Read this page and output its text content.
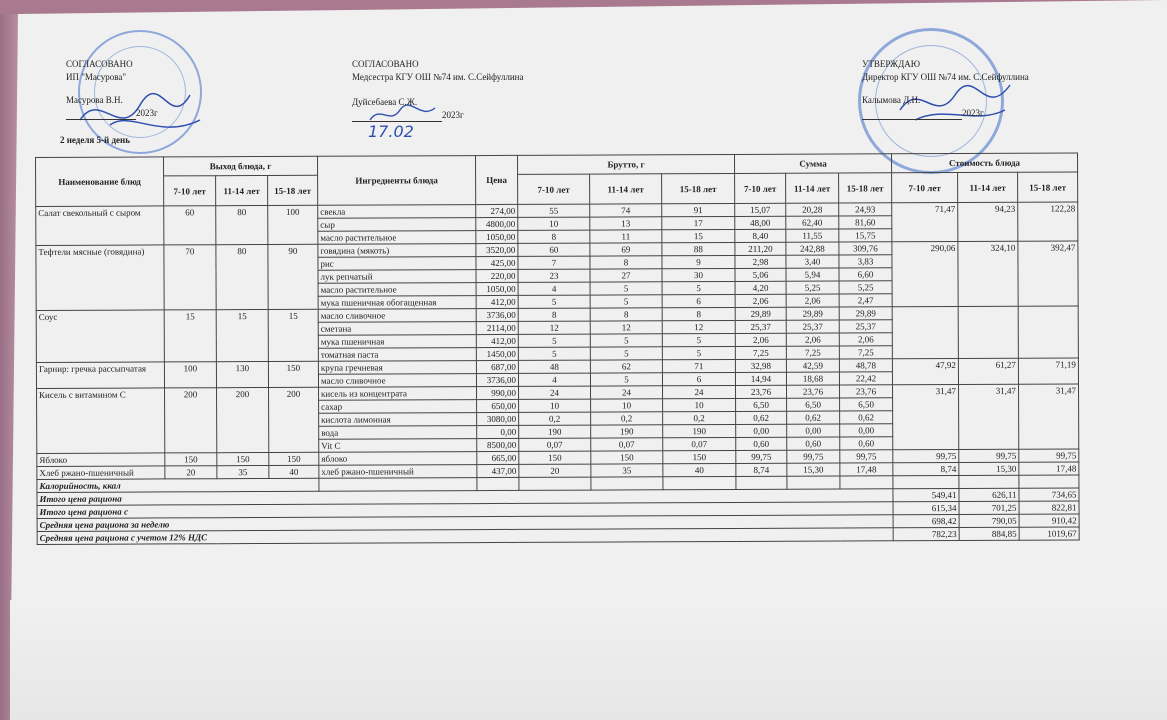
СОГЛАСОВАНО
ИП "Масурова"
Масурова В.Н.
2023г
СОГЛАСОВАНО
Медсестра КГУ ОШ №74 им. С.Сейфуллина
Дуйсебаева С.Ж.
2023г
17.02
УТВЕРЖДАЮ
Директор КГУ ОШ №74 им. С.Сейфуллина
Калымова Д.Н.
2023г
2 неделя 5-й день
Наименование блюд	Выход блюда, г			Ингредиенты блюда	Цена	Брутто, г			Сумма			Стоимость блюда		
	7-10 лет	11-14 лет	15-18 лет			7-10 лет	11-14 лет	15-18 лет	7-10 лет	11-14 лет	15-18 лет	7-10 лет	11-14 лет	15-18 лет
Салат свекольный с сыром	60	80	100	свекла	274,00	55	74	91	15,07	20,28	24,93	71,47	94,23	122,28
				сыр	4800,00	10	13	17	48,00	62,40	81,60			
				масло растительное	1050,00	8	11	15	8,40	11,55	15,75			
Тефтели мясные (говядина)	70	80	90	говядина (мякоть)	3520,00	60	69	88	211,20	242,88	309,76	290,06	324,10	392,47
				рис	425,00	7	8	9	2,98	3,40	3,83			
				лук репчатый	220,00	23	27	30	5,06	5,94	6,60			
				масло растительное	1050,00	4	5	5	4,20	5,25	5,25			
				мука пшеничная обогащенная	412,00	5	5	6	2,06	2,06	2,47			
Соус	15	15	15	масло сливочное	3736,00	8	8	8	29,89	29,89	29,89			
				сметана	2114,00	12	12	12	25,37	25,37	25,37			
				мука пшеничная	412,00	5	5	5	2,06	2,06	2,06			
				томатная паста	1450,00	5	5	5	7,25	7,25	7,25			
Гарнир: гречка рассыпчатая	100	130	150	крупа гречневая	687,00	48	62	71	32,98	42,59	48,78	47,92	61,27	71,19
				масло сливочное	3736,00	4	5	6	14,94	18,68	22,42			
Кисель с витамином С	200	200	200	кисель из концентрата	990,00	24	24	24	23,76	23,76	23,76	31,47	31,47	31,47
				сахар	650,00	10	10	10	6,50	6,50	6,50			
				кислота лимонная	3080,00	0,2	0,2	0,2	0,62	0,62	0,62			
				вода	0,00	190	190	190	0,00	0,00	0,00			
				Vit C	8500,00	0,07	0,07	0,07	0,60	0,60	0,60			
Яблоко	150	150	150	яблоко	665,00	150	150	150	99,75	99,75	99,75	99,75	99,75	99,75
Хлеб ржано-пшеничный	20	35	40	хлеб ржано-пшеничный	437,00	20	35	40	8,74	15,30	17,48	8,74	15,30	17,48
Калорийность, ккал														
Итого цена рациона												549,41	626,11	734,65
Итого цена рациона с												615,34	701,25	822,81
Средняя цена рациона за неделю												698,42	790,05	910,42
Средняя цена рациона с учетом 12% НДС												782,23	884,85	1019,67
